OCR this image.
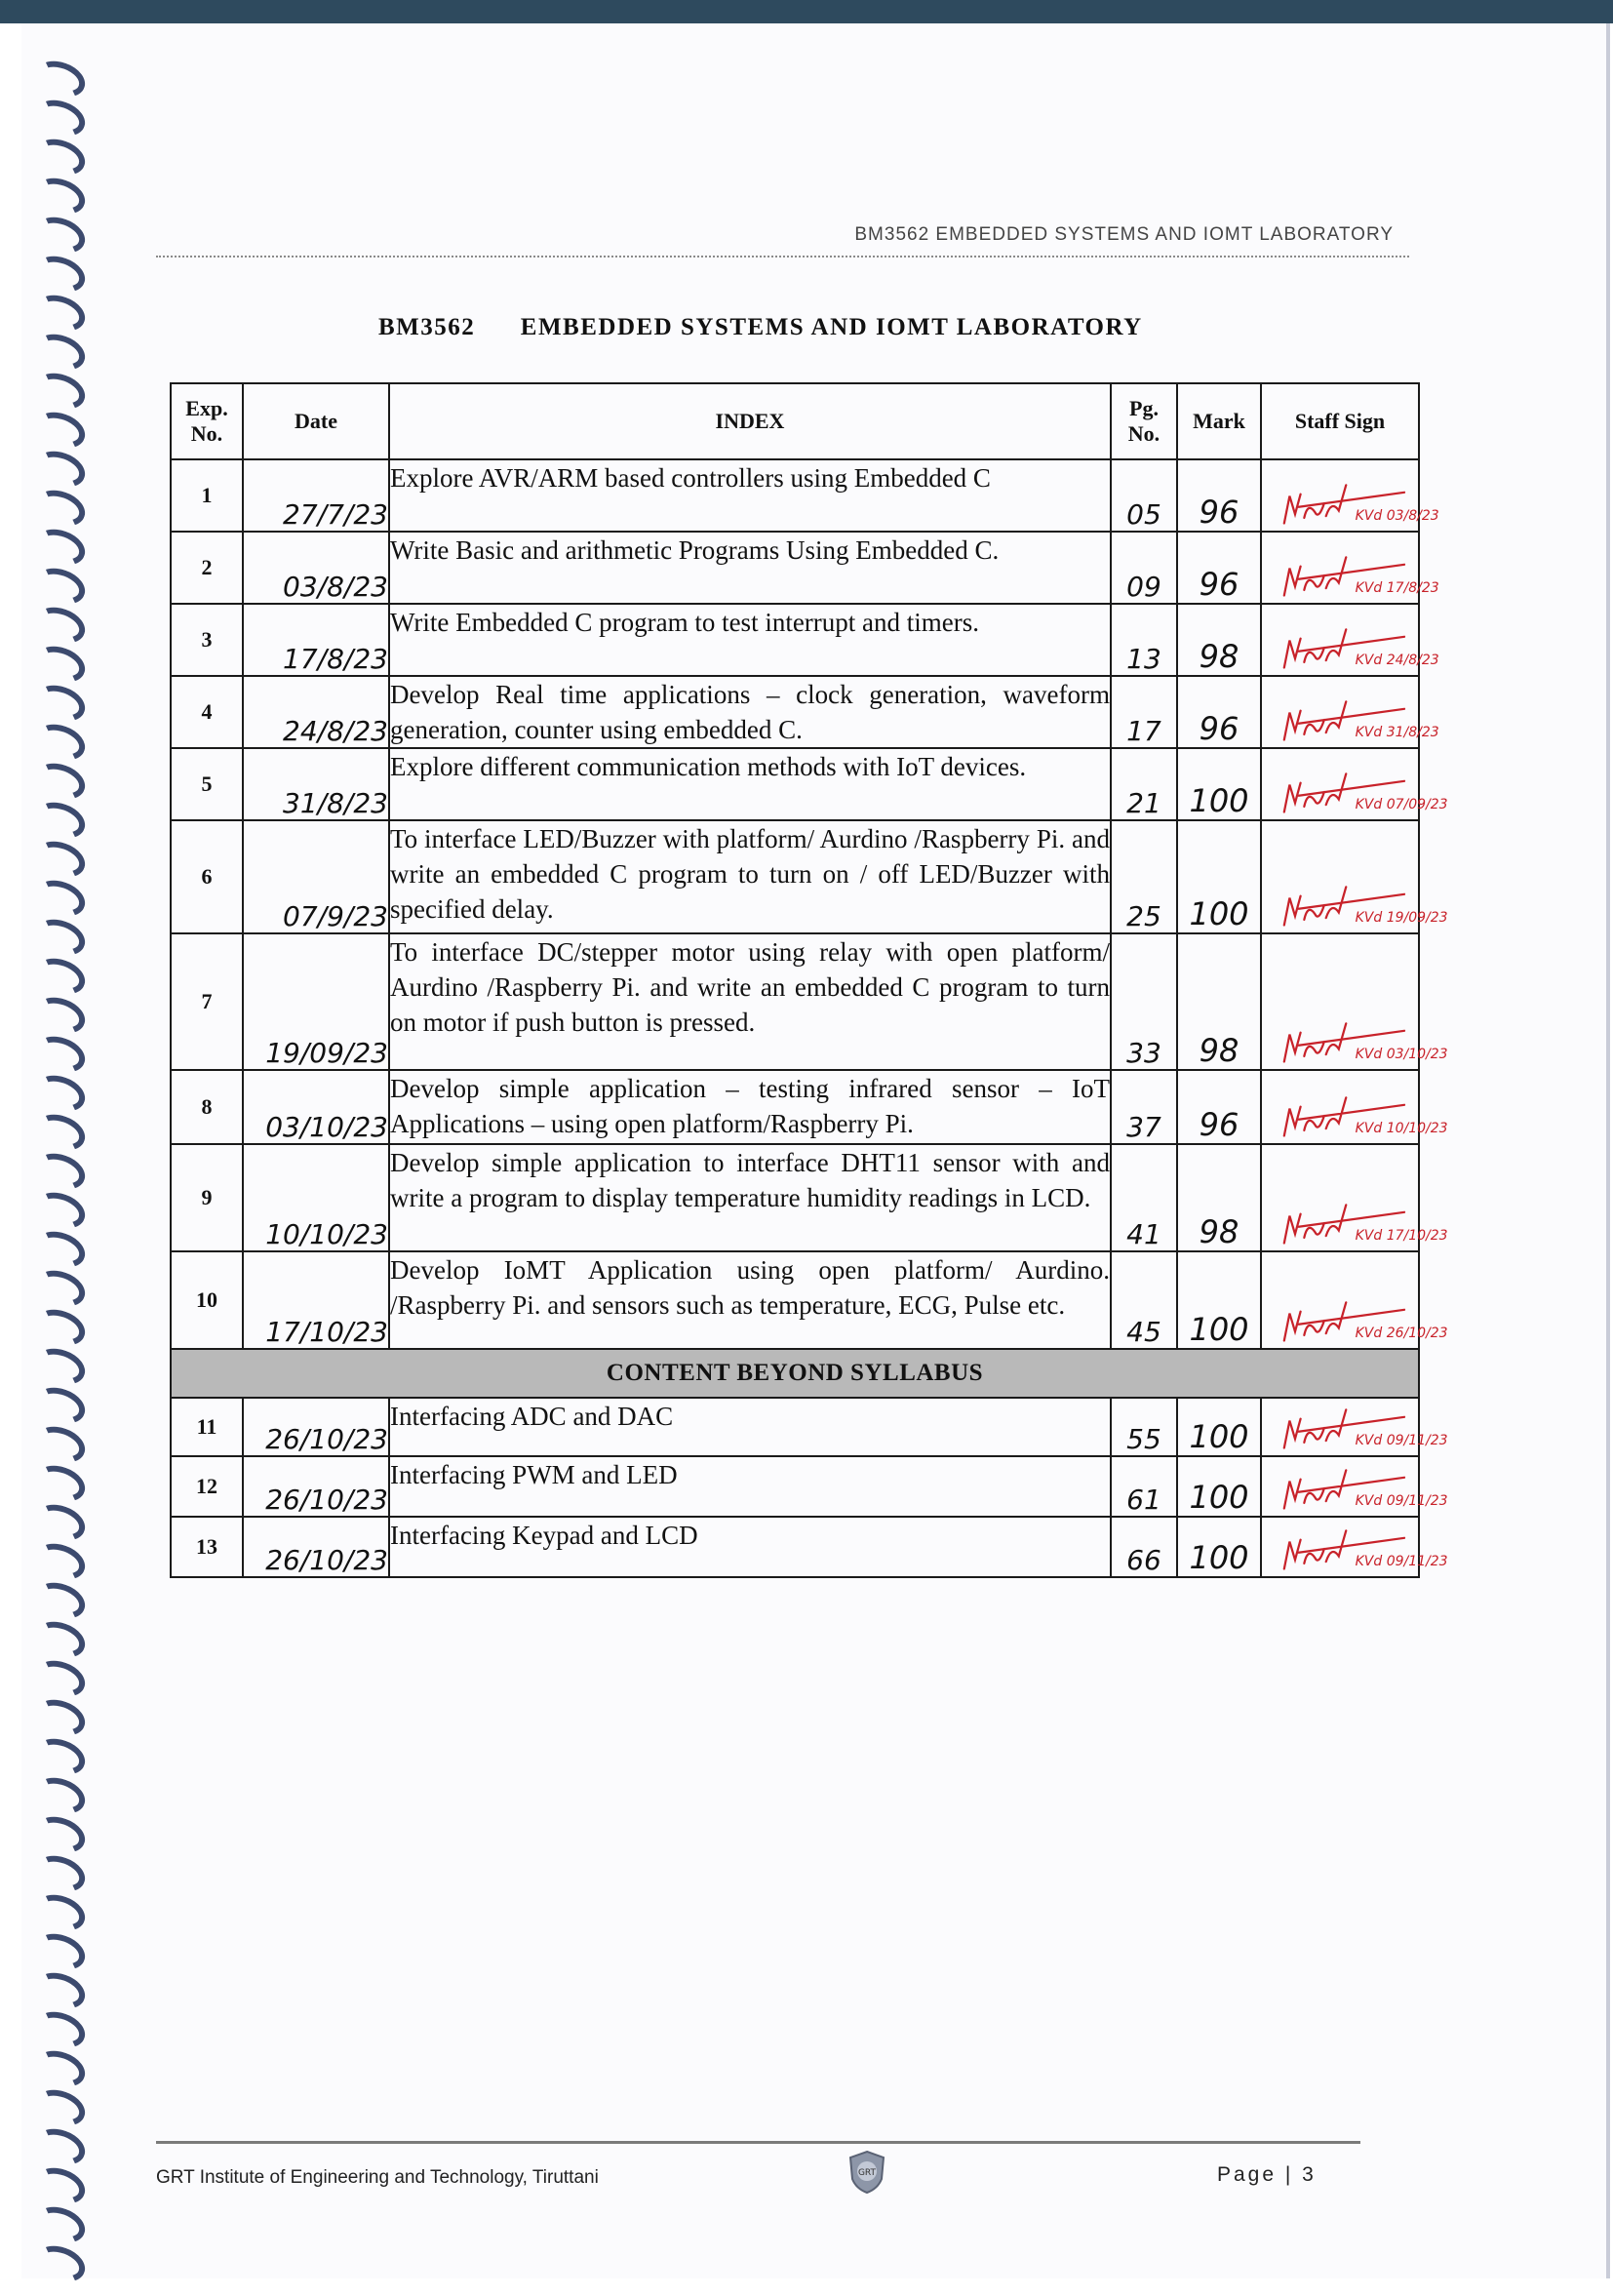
BM3562 EMBEDDED SYSTEMS AND IOMT LABORATORY
BM3562      EMBEDDED SYSTEMS AND IOMT LABORATORY
Exp. No.	Date	INDEX	Pg. No.	Mark	Staff Sign
1	27/7/23	Explore AVR/ARM based controllers using Embedded C	05	96	KVd 03/8/23

2	03/8/23	Write Basic and arithmetic Programs Using Embedded C.	09	96	KVd 17/8/23

3	17/8/23	Write Embedded C program to test interrupt and timers.	13	98	KVd 24/8/23

4	24/8/23	Develop Real time applications – clock generation, waveform generation, counter using embedded C.	17	96	KVd 31/8/23

5	31/8/23	Explore different communication methods with IoT devices.	21	100	KVd 07/09/23

6	07/9/23	To interface LED/Buzzer with platform/ Aurdino /Raspberry Pi. and write an embedded C program to turn on / off LED/Buzzer with specified delay.	25	100	KVd 19/09/23

7	19/09/23	To interface DC/stepper motor using relay with open platform/ Aurdino /Raspberry Pi. and write an embedded C program to turn on motor if push button is pressed.	33	98	KVd 03/10/23

8	03/10/23	Develop simple application – testing infrared sensor – IoT Applications – using open platform/Raspberry Pi.	37	96	KVd 10/10/23

9	10/10/23	Develop simple application to interface DHT11 sensor with and write a program to display temperature humidity readings in LCD.	41	98	KVd 17/10/23

10	17/10/23	Develop IoMT Application using open platform/ Aurdino. /Raspberry Pi. and sensors such as temperature, ECG, Pulse etc.	45	100	KVd 26/10/23

CONTENT BEYOND SYLLABUS					
11	26/10/23	Interfacing ADC and DAC	55	100	KVd 09/11/23

12	26/10/23	Interfacing PWM and LED	61	100	KVd 09/11/23

13	26/10/23	Interfacing Keypad and LCD	66	100	KVd 09/11/23
GRT Institute of Engineering and Technology, Tiruttani	GRT	Page | 3
